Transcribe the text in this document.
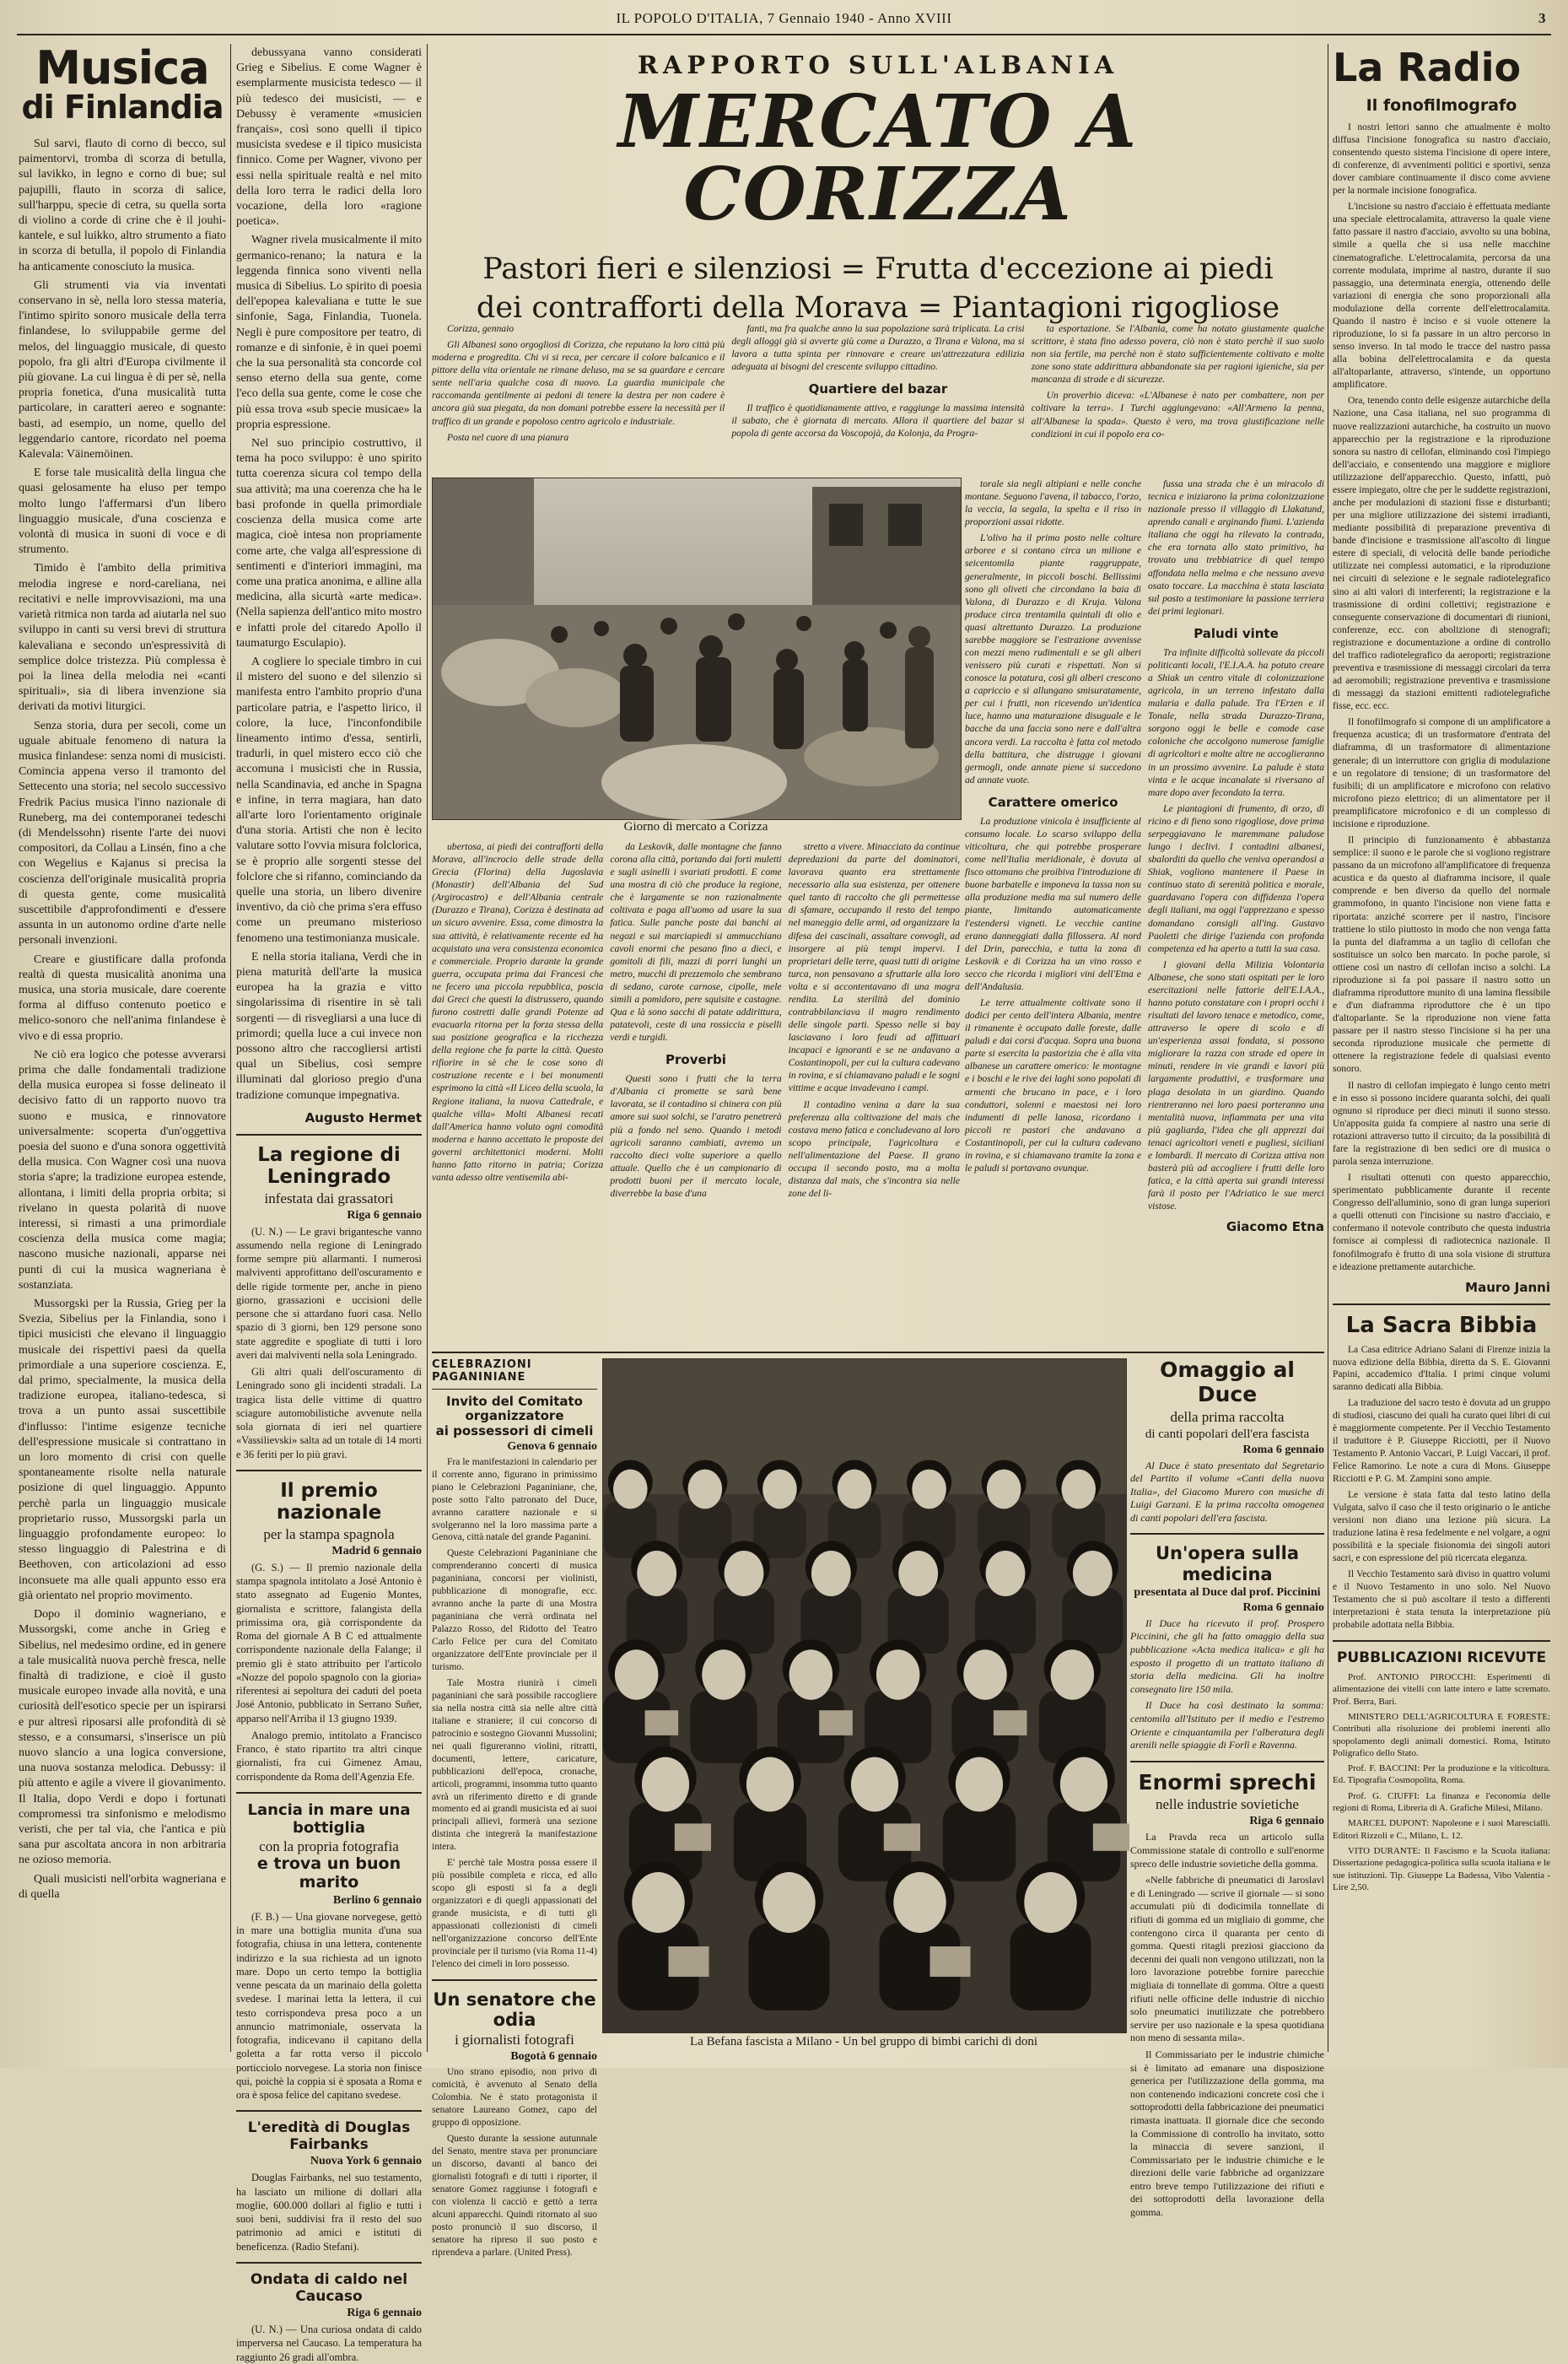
IL POPOLO D'ITALIA, 7 Gennaio 1940 - Anno XVIII	3
Musica
di Finlandia

Sul sarvi, flauto di corno di becco, sul paimentorvi, tromba di scorza di betulla, sul lavikko, in legno e corno di bue; sul pajupilli, flauto in scorza di salice, sull'harppu, specie di cetra, su quella sorta di violino a corde di crine che è il jouhi-kantele, e sul luikko, altro strumento a fiato in scorza di betulla, il popolo di Finlandia ha anticamente conosciuto la musica.

Gli strumenti via via inventati conservano in sè, nella loro stessa materia, l'intimo spirito sonoro musicale della terra finlandese, lo sviluppabile germe del melos, del linguaggio musicale, di questo popolo, fra gli altri d'Europa civilmente il più giovane. La cui lingua è di per sè, nella propria fonetica, d'una musicalità tutta particolare, in caratteri aereo e sognante: basti, ad esempio, un nome, quello del leggendario cantore, ricordato nel poema Kalevala: Väinemöinen.

E forse tale musicalità della lingua che quasi gelosamente ha eluso per tempo molto lungo l'affermarsi d'un libero linguaggio musicale, d'una coscienza e volontà di musica in suoni di voce e di strumento.

Timido è l'ambito della primitiva melodia ingrese e nord-careliana, nei recitativi e nelle improvvisazioni, ma una varietà ritmica non tarda ad aiutarla nel suo sviluppo in canti su versi brevi di struttura kalevaliana e secondo un'espressività di semplice dolce tristezza. Più complessa è poi la linea della melodia nei «canti spirituali», sia di libera invenzione sia derivati da motivi liturgici.

Senza storia, dura per secoli, come un uguale abituale fenomeno di natura la musica finlandese: senza nomi di musicisti. Comincia appena verso il tramonto del Settecento una storia; nel secolo successivo Fredrik Pacius musica l'inno nazionale di Runeberg, ma dei contemporanei tedeschi (di Mendelssohn) risente l'arte dei nuovi compositori, da Collau a Linsén, fino a che con Wegelius e Kajanus si precisa la coscienza dell'originale musicalità propria di questa gente, come musicalità suscettibile d'approfondimenti e d'essere assunta in un autonomo ordine d'arte nelle personali invenzioni.

Creare e giustificare dalla profonda realtà di questa musicalità anonima una musica, una storia musicale, dare coerente forma al diffuso contenuto poetico e melico-sonoro che nell'anima finlandese è vivo e di essa proprio.

Ne ciò era logico che potesse avverarsi prima che dalle fondamentali tradizione della musica europea si fosse delineato il decisivo fatto di un rapporto nuovo tra suono e musica, e rinnovatore universalmente: scoperta d'un'oggettiva poesia del suono e d'una sonora oggettività della musica. Con Wagner così una nuova storia s'apre; la tradizione europea estende, allontana, i limiti della propria orbita; si rivelano in questa polarità di nuove interessi, si rimasti a una primordiale coscienza della musica come magia; nascono musiche nazionali, apparse nei punti di cui la musica wagneriana è sostanziata.

Mussorgski per la Russia, Grieg per la Svezia, Sibelius per la Finlandia, sono i tipici musicisti che elevano il linguaggio musicale dei rispettivi paesi da quella primordiale a una superiore coscienza. E, dal primo, specialmente, la musica della tradizione europea, italiano-tedesca, si trova a un punto assai suscettibile d'influsso: l'intime esigenze tecniche dell'espressione musicale si contrattano in un loro momento di crisi con quelle spontaneamente risolte nella naturale posizione di quel linguaggio. Appunto perchè parla un linguaggio musicale proprietario russo, Mussorgski parla un linguaggio profondamente europeo: lo stesso linguaggio di Palestrina e di Beethoven, con articolazioni ad esso inconsuete ma alle quali appunto esso era già orientato nel proprio movimento.

Dopo il dominio wagneriano, e Mussorgski, come anche in Grieg e Sibelius, nel medesimo ordine, ed in genere a tale musicalità nuova perchè fresca, nelle finaltà di tradizione, e cioè il gusto musicale europeo invade alla novità, e una curiosità dell'esotico specie per un ispirarsi e pur altresì riposarsi alle profondità di sè stesso, e a consumarsi, s'inserisce un più nuovo slancio a una logica conversione, una nuova sostanza melodica. Debussy: il più attento e agile a vivere il giovanimento. Il Italia, dopo Verdi e dopo i fortunati compromessi tra sinfonismo e melodismo veristi, che per tal via, che l'antica e più sana pur ascoltata ancora in non arbitraria ne ozioso memoria.

Quali musicisti nell'orbita wagneriana e di quella

debussyana vanno considerati Grieg e Sibelius. E come Wagner è esemplarmente musicista tedesco — il più tedesco dei musicisti, — e Debussy è veramente «musicien français», così sono quelli il tipico musicista svedese e il tipico musicista finnico. Come per Wagner, vivono per essi nella spirituale realtà e nel mito della loro terra le radici della loro vocazione, della loro «ragione poetica».

Wagner rivela musicalmente il mito germanico-renano; la natura e la leggenda finnica sono viventi nella musica di Sibelius. Lo spirito di poesia dell'epopea kalevaliana e tutte le sue sinfonie, Saga, Finlandia, Tuonela. Negli è pure compositore per teatro, di romanze e di sinfonie, è in quei poemi che la sua personalità sta concorde col senso eterno della sua gente, come l'eco della sua gente, come le cose che più essa trova «sub specie musicae» la propria espressione.

Nel suo principio costruttivo, il tema ha poco sviluppo: è uno spirito tutta coerenza sicura col tempo della sua attività; ma una coerenza che ha le basi profonde in quella primordiale coscienza della musica come arte magica, cioè intesa non propriamente come arte, che valga all'espressione di sentimenti e d'interiori immagini, ma come una pratica anonima, e alline alla medicina, alla sicurtà «arte medica». (Nella sapienza dell'antico mito mostro e infatti prole del citaredo Apollo il taumaturgo Esculapio).

A cogliere lo speciale timbro in cui il mistero del suono e del silenzio si manifesta entro l'ambito proprio d'una particolare patria, e l'aspetto lirico, il colore, la luce, l'inconfondibile lineamento intimo d'essa, sentirli, tradurli, in quel mistero ecco ciò che accomuna i musicisti che in Russia, nella Scandinavia, ed anche in Spagna e infine, in terra magiara, han dato all'arte loro l'orientamento originale d'una storia. Artisti che non è lecito valutare sotto l'ovvia misura folclorica, se è proprio alle sorgenti stesse del folclore che si rifanno, cominciando da quelle una storia, un libero divenire inventivo, da ciò che prima s'era effuso come un preumano misterioso fenomeno una testimonianza musicale.

E nella storia italiana, Verdi che in piena maturità dell'arte la musica europea ha la grazia e vitto singolarissima di risentire in sè tali sorgenti — di risvegliarsi a una luce di primordi; quella luce a cui invece non possono altro che raccogliersi artisti qual un Sibelius, così sempre illuminati dal glorioso pregio d'una tradizione comunque impegnativa.

Augusto Hermet
La regione di Leningrado
infestata dai grassatori
Riga 6 gennaio

(U. N.) — Le gravi brigantesche vanno assumendo nella regione di Leningrado forme sempre più allarmanti. I numerosi malviventi approfittano dell'oscuramento e delle rigide tormente per, anche in pieno giorno, grassazioni e uccisioni delle persone che si attardano fuori casa. Nello spazio di 3 giorni, ben 129 persone sono state aggredite e spogliate di tutti i loro averi dai malviventi nella sola Leningrado.

Gli altri quali dell'oscuramento di Leningrado sono gli incidenti stradali. La tragica lista delle vittime di quattro sciagure automobilistiche avvenute nella sola giornata di ieri nel quartiere «Vassilievski» salta ad un totale di 14 morti e 36 feriti per lo più gravi.

Il premio nazionale
per la stampa spagnola
Madrid 6 gennaio

(G. S.) — Il premio nazionale della stampa spagnola intitolato a José Antonio è stato assegnato ad Eugenio Montes, giornalista e scrittore, falangista della primissima ora, già corrispondente da Roma del giornale A B C ed attualmente corrispondente nazionale della Falange; il premio gli è stato attribuito per l'articolo «Nozze del popolo spagnolo con la gioria» riferentesi ai sepoltura dei caduti del poeta José Antonio, pubblicato in Serrano Suñer, apparso nell'Arriba il 13 giugno 1939.

Analogo premio, intitolato a Francisco Franco, è stato ripartito tra altri cinque giornalisti, fra cui Gimenez Amau, corrispondente da Roma dell'Agenzia Efe.

Lancia in mare una bottiglia
con la propria fotografia
e trova un buon marito
Berlino 6 gennaio

(F. B.) — Una giovane norvegese, gettò in mare una bottiglia munita d'una sua fotografia, chiusa in una lettera, contenente indirizzo e la sua richiesta ad un ignoto mare. Dopo un certo tempo la bottiglia venne pescata da un marinaio della goletta svedese. I marinai letta la lettera, il cui testo corrispondeva presa poco a un annuncio matrimoniale, osservata la fotografia, indicevano il capitano della goletta a far rotta verso il piccolo porticciolo norvegese. La storia non finisce qui, poichè la coppia si è sposata a Roma e ora è sposa felice del capitano svedese.

L'eredità di Douglas Fairbanks
Nuova York 6 gennaio

Douglas Fairbanks, nel suo testamento, ha lasciato un milione di dollari alla moglie, 600.000 dollari al figlio e tutti i suoi beni, suddivisi fra il resto del suo patrimonio ad amici e istituti di beneficenza. (Radio Stefani).

Ondata di caldo nel Caucaso
Riga 6 gennaio

(U. N.) — Una curiosa ondata di caldo imperversa nel Caucaso. La temperatura ha raggiunto 26 gradi all'ombra.

RAPPORTO SULL'ALBANIA
MERCATO A CORIZZA
Pastori fieri e silenziosi = Frutta d'eccezione ai piedi
dei contrafforti della Morava = Piantagioni rigogliose

Corizza, gennaio

Gli Albanesi sono orgogliosi di Corizza, che reputano la loro città più moderna e progredita. Chi vi si reca, per cercare il colore balcanico e il pittore della vita orientale ne rimane deluso, ma se sa guardare e cercare sente nell'aria qualche cosa di nuovo. La guardia municipale che raccomanda gentilmente ai pedoni di tenere la destra per non cadere è ancora già sua piegata, da non domani potrebbe essere la necessità per il traffico di un grande e popoloso centro agricolo e industriale.

Posta nel cuore di una pianura

fanti, ma fra qualche anno la sua popolazione sarà triplicata. La crisi degli alloggi già si avverte giù come a Durazzo, a Tirana e Valona, ma si lavora a tutta spinta per rinnovare e creare un'attrezzatura edilizia adeguata ai bisogni del crescente sviluppo cittadino.

Quartiere del bazar

Il traffico è quotidianamente attivo, e raggiunge la massima intensità il sabato, che è giornata di mercato. Allora il quartiere del bazar si popola di gente accorsa da Voscopojà, da Kolonja, da Progra-

ta esportazione. Se l'Albania, come ha notato giustamente qualche scrittore, è stata fino adesso povera, ciò non è stato perchè il suo suolo non sia fertile, ma perchè non è stato sufficientemente coltivato e molte zone sono state addirittura abbandonate sia per ragioni igieniche, sia per mancanza di strade e di sicurezze.

Un proverbio diceva: «L'Albanese è nato per combattere, non per coltivare la terra». I Turchi aggiungevano: «All'Armeno la penna, all'Albanese la spada». Questo è vero, ma trova giustificazione nelle condizioni in cui il popolo era co-

Giorno di mercato a Corizza

torale sia negli altipiani e nelle conche montane. Seguono l'avena, il tabacco, l'orzo, la veccia, la segala, la spelta e il riso in proporzioni assai ridotte.

L'olivo ha il primo posto nelle colture arboree e si contano circa un milione e seicentomila piante raggruppate, generalmente, in piccoli boschi. Bellissimi sono gli oliveti che circondano la baia di Valona, di Durazzo e di Kruja. Valona produce circa trentamila quintali di olio e quasi altrettanto Durazzo. La produzione sarebbe maggiore se l'estrazione avvenisse con mezzi meno rudimentali e se gli alberi venissero più curati e rispettati. Non si conosce la potatura, così gli alberi crescono a capriccio e si allungano smisuratamente, per cui i frutti, non ricevendo un'identica luce, hanno una maturazione disuguale e le bacche da una faccia sono nere e dall'altra ancora verdi. La raccolta è fatta col metodo della battitura, che distrugge i giovani germogli, onde annate piene si succedono ad annate vuote.

Carattere omerico

La produzione vinicola è insufficiente al consumo locale. Lo scarso sviluppo della viticoltura, che qui potrebbe prosperare come nell'Italia meridionale, è dovuta al fisco ottomano che proibiva l'introduzione di buone barbatelle e imponeva la tassa non su alla produzione media ma sul numero delle piante, limitando automaticamente l'estendersi vigneti. Le vecchie cantine erano danneggiati dalla fillossera. Al nord del Drin, parecchia, e tutta la zona di Leskovik e di Corizza ha un vino rosso e secco che ricorda i migliori vini dell'Etna e dell'Andalusia.

Le terre attualmente coltivate sono il dodici per cento dell'intera Albania, mentre il rimanente è occupato dalle foreste, dalle paludi e dai corsi d'acqua. Sopra una buona parte si esercita la pastorizia che è alla vita albanese un carattere omerico: le montagne e i boschi e le rive dei laghi sono popolati di armenti che brucano in pace, e i loro conduttori, solenni e maestosi nei loro indumenti di pelle lanosa, ricordano i piccoli re pastori che andavano a Costantinopoli, per cui la cultura cadevano in rovina, e si chiamavano tramite la zona e le paludi si portavano ovunque.

fussa una strada che è un miracolo di tecnica e iniziarono la prima colonizzazione nazionale presso il villaggio di Llakatund, aprendo canali e arginando fiumi. L'azienda italiana che oggi ha rilevato la contrada, che era tornata allo stato primitivo, ha trovato una trebbiatrice di quel tempo affondata nella melma e che nessuno aveva osato toccare. La macchina è stata lasciata sul posto a testimoniare la passione terriera dei primi legionari.

Paludi vinte

Tra infinite difficoltà sollevate da piccoli politicanti locali, l'E.I.A.A. ha potuto creare a Shiak un centro vitale di colonizzazione agricola, in un terreno infestato dalla malaria e dalla palude. Tra l'Erzen e il Tonale, nella strada Durazzo-Tirana, sorgono oggi le belle e comode case coloniche che accolgono numerose famiglie di agricoltori e molte altre ne accoglieranno in un prossimo avvenire. La palude è stata vinta e le acque incanalate si riversano al mare dopo aver fecondato la terra.

Le piantagioni di frumento, di orzo, di ricino e di fieno sono rigogliose, dove prima serpeggiavano le maremmane paludose lungo i declivi. I contadini albanesi, sbalorditi da quello che veniva operandosi a Shiak, vogliono mantenere il Paese in continuo stato di serenità politica e morale, guardavano l'opera con diffidenza l'opera degli italiani, ma oggi l'apprezzano e spesso domandano consigli all'ing. Gustavo Paoletti che dirige l'azienda con profonda competenza ed ha aperto a tutti la sua casa.

I giovani della Milizia Volontaria Albanese, che sono stati ospitati per le loro esercitazioni nelle fattorie dell'E.I.A.A., hanno potuto constatare con i propri occhi i risultati del lavoro tenace e metodico, come, attraverso le opere di scolo e di un'esperienza assai fondata, si possono migliorare la razza con strade ed opere in minuti, rendere in vie grandi e lavori più largamente produttivi, e trasformare una plaga desolata in un giardino. Quando rientreranno nei loro paesi porteranno una mentalità nuova, infiammata per una vita più gagliarda, l'idea che gli apprezzi dai tenaci agricoltori veneti e pugliesi, siciliani e lombardi. Il mercato di Corizza attiva non basterà più ad accogliere i frutti delle loro fatica, e la città aperta sui grandi interessi farà il posto per l'Adriatico le sue merci vistose.

Giacomo Etna

ubertosa, ai piedi dei contrafforti della Morava, all'incrocio delle strade della Grecia (Florina) della Jugoslavia (Monastir) dell'Albania del Sud (Argirocastro) e dell'Albania centrale (Durazzo e Tirana), Corizza è destinata ad un sicuro avvenire. Essa, come dimostra la sua attività, è relativamente recente ed ha acquistato una vera consistenza economica e commerciale. Proprio durante la grande guerra, occupata prima dai Francesi che ne fecero una piccola repubblica, poscia dai Greci che questi la distrussero, quando furono costretti dalle grandi Potenze ad evacuarla ritorna per la forza stessa della sua posizione geografica e la ricchezza della regione che fa parte la città. Questo rifiorire in sè che le cose sono di costruzione recente e i bei monumenti esprimono la città «Il Liceo della scuola, la Regione italiana, la nuova Cattedrale, e qualche villa» Molti Albanesi recati dall'America hanno voluto ogni comodità moderna e hanno accettato le proposte dei governi architettonici moderni. Molti hanno fatto ritorno in patria; Corizza vanta adesso oltre ventisemila abi-

da Leskovik, dalle montagne che fanno corona alla città, portando dai forti muletti e sugli asinelli i svariati prodotti. E come una mostra di ciò che produce la regione, che è largamente se non razionalmente coltivata e paga all'uomo ad usare la sua fatica. Sulle panche poste dai banchi ai negozi e sui marciapiedi si ammucchiano cavoli enormi che pesano fino a dieci, e gomitoli di fili, mazzi di porri lunghi un metro, mucchi di prezzemolo che sembrano di sedano, carote carnose, cipolle, mele simili a pomidoro, pere squisite e castagne. Qua e là sono sacchi di patate addirittura, patatevoli, ceste di una rossiccia e piselli verdi e turgidi.

Proverbi

Questi sono i frutti che la terra d'Albania ci promette se sarà bene lavorata, se il contadino si chinera con più amore sui suoi solchi, se l'aratro penetrerà più a fondo nel seno. Quando i metodi agricoli saranno cambiati, avremo un raccolto dieci volte superiore a quello attuale. Quello che è un campionario di prodotti buoni per il mercato locale, diverrebbe la base d'una

stretto a vivere. Minacciato da continue depredazioni da parte del dominatori, lavorava quanto era strettamente necessario alla sua esistenza, per ottenere quel tanto di raccolto che gli permettesse di sfamare, occupando il resto del tempo nel maneggio delle armi, ad organizzare la difesa dei cascinali, assaltare convogli, ad insorgere ai più tempi impervi. I proprietari delle terre, quasi tutti di origine turca, non pensavano a sfruttarle alla loro volta e si accontentavano di una magra rendita. La sterilità del dominio contrabbilanciava il magro rendimento delle singole parti. Spesso nelle si bay lasciavano i loro feudi ad affittuari incapaci e ignoranti e se ne andavano a Costantinopoli, per cui la cultura cadevano in rovina, e si chiamavano paludi e le sogni vittime e acque invadevano i campi.

Il contadino venina a dare la sua preferenza alla coltivazione del mais che costava meno fatica e concludevano al loro scopo principale, l'agricoltura e nell'alimentazione del Paese. Il grano occupa il secondo posto, ma a molta distanza dal mais, che s'incontra sia nelle zone del li-

CELEBRAZIONI PAGANINIANE
Invito del Comitato organizzatore
ai possessori di cimeli
Genova 6 gennaio

Fra le manifestazioni in calendario per il corrente anno, figurano in primissimo piano le Celebrazioni Paganiniane, che, poste sotto l'alto patronato del Duce, avranno carattere nazionale e si svolgeranno nel la loro massima parte a Genova, città natale del grande Paganini.

Queste Celebrazioni Paganiniane che comprenderanno concerti di musica paganiniana, concorsi per violinisti, pubblicazione di monografie, ecc. avranno anche la parte di una Mostra paganiniana che verrà ordinata nel Palazzo Rosso, del Ridotto del Teatro Carlo Felice per cura del Comitato organizzatore dell'Ente provinciale per il turismo.

Tale Mostra riunirà i cimeli paganiniani che sarà possibile raccogliere sia nella nostra città sia nelle altre città italiane e straniere; il cui concorso di patrocinio e sostegno Giovanni Mussolini; nei quali figureranno violini, ritratti, documenti, lettere, caricature, pubblicazioni dell'epoca, cronache, articoli, programmi, insomma tutto quanto avrà un riferimento diretto e di grande momento ed ai grandi musicista ed ai suoi principali allievi, formerà una sezione distinta che integrerà la manifestazione intera.

E' perchè tale Mostra possa essere il più possibile completa e ricca, ed allo scopo gli esposti si fa a degli organizzatori e di quegli appassionati del grande musicista, e di tutti gli appassionati collezionisti di cimeli nell'organizzazione concorso dell'Ente provinciale per il turismo (via Roma 11-4) l'elenco dei cimeli in loro possesso.

Un senatore che odia
i giornalisti fotografi
Bogotà 6 gennaio

Uno strano episodio, non privo di comicità, è avvenuto al Senato della Colombia. Ne è stato protagonista il senatore Laureano Gomez, capo del gruppo di opposizione.

Questo durante la sessione autunnale del Senato, mentre stava per pronunciare un discorso, davanti al banco dei giornalisti fotografi e di tutti i riporter, il senatore Gomez raggiunse i fotografi e con violenza li cacciò e gettò a terra alcuni apparecchi. Quindi ritornato al suo posto pronunciò il suo discorso, il senatore ha ripreso il suo posto e riprendeva a parlare. (United Press).

La Befana fascista a Milano - Un bel gruppo di bimbi carichi di doni
Omaggio al Duce
della prima raccolta
di canti popolari dell'era fascista
Roma 6 gennaio

Al Duce è stato presentato dal Segretario del Partito il volume «Canti della nuova Italia», del Giacomo Murero con musiche di Luigi Garzani. E la prima raccolta omogenea di canti popolari dell'era fascista.

Un'opera sulla medicina
presentata al Duce dal prof. Piccinini
Roma 6 gennaio

Il Duce ha ricevuto il prof. Prospero Piccinini, che gli ha fatto omaggio della sua pubblicazione «Acta medica italica» e gli ha esposto il progetto di un trattato italiano di storia della medicina. Gli ha inoltre consegnato lire 150 mila.

Il Duce ha così destinato la somma: centomila all'Istituto per il medio e l'estremo Oriente e cinquantamila per l'alberatura degli arenili nelle spiaggie di Forlì e Ravenna.

Enormi sprechi
nelle industrie sovietiche
Riga 6 gennaio

La Pravda reca un articolo sulla Commissione statale di controllo e sull'enorme spreco delle industrie sovietiche della gomma.

«Nelle fabbriche di pneumatici di Jaroslavl e di Leningrado — scrive il giornale — si sono accumulati più di dodicimila tonnellate di rifiuti di gomma ed un migliaio di gomme, che contengono circa il quaranta per cento di gomma. Questi ritagli preziosi giacciono da decenni dei quali non vengono utilizzati, non la loro lavorazione potrebbe fornire parecchie migliaia di tonnellate di gomma. Oltre a questi rifiuti nelle officine delle industrie di nicchio solo pneumatici inutilizzate che potrebbero servire per uso nazionale e la spesa quotidiana non meno di sessanta mila».

Il Commissariato per le industrie chimiche si è limitato ad emanare una disposizione generica per l'utilizzazione della gomma, ma non contenendo indicazioni concrete così che i sottoprodotti della fabbricazione dei pneumatici rimasta inattuata. Il giornale dice che secondo la Commissione di controllo ha invitato, sotto la minaccia di severe sanzioni, il Commissariato per le industrie chimiche e le direzioni delle varie fabbriche ad organizzare entro breve tempo l'utilizzazione dei rifiuti e dei sottoprodotti della lavorazione della gomma.

La Radio
Il fonofilmografo

I nostri lettori sanno che attualmente è molto diffusa l'incisione fonografica su nastro d'acciaio, consentendo questo sistema l'incisione di opere intere, di conferenze, di avvenimenti politici e sportivi, senza dover cambiare continuamente il disco come avviene per la normale incisione fonografica.

L'incisione su nastro d'acciaio è effettuata mediante una speciale elettrocalamita, attraverso la quale viene fatto passare il nastro d'acciaio, avvolto su una bobina, simile a quella che si usa nelle macchine cinematografiche. L'elettrocalamita, percorsa da una corrente modulata, imprime al nastro, durante il suo passaggio, una determinata energia, ottenendo delle variazioni di energia che sono proporzionali alla modulazione della corrente dell'elettrocalamita. Quando il nastro è inciso e si vuole ottenere la riproduzione, lo si fa passare in un altro percorso in senso inverso. In tal modo le tracce del nastro passa alla bobina dell'elettrocalamita e da questa all'altoparlante, attraverso, s'intende, un opportuno amplificatore.

Ora, tenendo conto delle esigenze autarchiche della Nazione, una Casa italiana, nel suo programma di nuove realizzazioni autarchiche, ha costruito un nuovo apparecchio per la registrazione e la riproduzione sonora su nastro di cellofan, eliminando così l'impiego dell'acciaio, e consentendo una maggiore e migliore utilizzazione dell'apparecchio. Questo, infatti, può essere impiegato, oltre che per le suddette registrazioni, anche per modulazioni di stazioni fisse e disturbanti; per una migliore utilizzazione dei sistemi irradianti, mediante possibilità di preparazione preventiva di bande d'incisione e trasmissione all'ascolto di lingue estere di speciali, di velocità delle bande periodiche utilizzate nei complessi automatici, e la riproduzione nei circuiti di selezione e le segnale radiotelegrafico sino ai alti valori di interferenti; la registrazione e la trasmissione di ordini collettivi; registrazione e conseguente conservazione di documentari di riunioni, conferenze, ecc. con abolizione di stenografi; registrazione e documentazione a ordine di controllo del traffico radiotelegrafico da aeroporti; registrazione preventiva e trasmissione di messaggi circolari da terra ad aeromobili; registrazione preventiva e trasmissione di messaggi da stazioni emittenti radiotelegrafiche fisse, ecc. ecc.

Il fonofilmografo si compone di un amplificatore a frequenza acustica; di un trasformatore d'entrata del diaframma, di un trasformatore di alimentazione generale; di un interruttore con griglia di modulazione e un regolatore di tensione; di un trasformatore del fusibili; di un amplificatore e microfono con relativo microfono piezo elettrico; di un alimentatore per il preamplificatore microfonico e di un complesso di incisione e riproduzione.

Il principio di funzionamento è abbastanza semplice: il suono e le parole che si vogliono registrare passano da un microfono all'amplificatore di frequenza acustica e da questo al diaframma incisore, il quale comprende e ben diverso da quello del normale grammofono, in quanto l'incisione non viene fatta e riportata: anziché scorrere per il nastro, l'incisore trattiene lo stilo piuttosto in modo che non venga fatta la punta del diaframma a un taglio di cellofan che sostituisce un solco ben marcato. In poche parole, si ottiene così un nastro di cellofan inciso a solchi. La riproduzione si fa poi passare il nastro sotto un diaframma riproduttore munito di una lamina flessibile e d'un diaframma riproduttore che è un tipo d'altoparlante. Se la riproduzione non viene fatta passare per il nastro stesso l'incisione si ha per una seconda riproduzione musicale che permette di ottenere la registrazione fedele di qualsiasi evento sonoro.

Il nastro di cellofan impiegato è lungo cento metri e in esso si possono incidere quaranta solchi, dei quali ognuno si riproduce per dieci minuti il suono stesso. Un'apposita guida fa compiere al nastro una serie di rotazioni attraverso tutto il circuito; da la possibilità di fare la registrazione di ben sedici ore di musica o parola senza interruzione.

I risultati ottenuti con questo apparecchio, sperimentato pubblicamente durante il recente Congresso dell'alluminio, sono di gran lunga superiori a quelli ottenuti con l'incisione su nastro d'acciaio, e confermano il notevole contributo che questa industria fornisce ai complessi di radiotecnica nazionale. Il fonofilmografo è frutto di una sola visione di struttura e ideazione prettamente autarchiche.

Mauro Janni
La Sacra Bibbia

La Casa editrice Adriano Salani di Firenze inizia la nuova edizione della Bibbia, diretta da S. E. Giovanni Papini, accademico d'Italia. I primi cinque volumi saranno dedicati alla Bibbia.

La traduzione del sacro testo è dovuta ad un gruppo di studiosi, ciascuno dei quali ha curato quei libri di cui è maggiormente competente. Per il Vecchio Testamento il traduttore è P. Giuseppe Ricciotti, per il Nuovo Testamento P. Antonio Vaccari, P. Luigi Vaccari, il prof. Felice Ramorino. Le note a cura di Mons. Giuseppe Ricciotti e P. G. M. Zampini sono ampie.

Le versione è stata fatta dal testo latino della Vulgata, salvo il caso che il testo originario o le antiche versioni non diano una lezione più sicura. La traduzione latina è resa fedelmente e nel volgare, a ogni possibilità e la speciale fisionomia dei singoli autori sacri, e con espressione del più ricercata eleganza.

Il Vecchio Testamento sarà diviso in quattro volumi e il Nuovo Testamento in uno solo. Nel Nuovo Testamento che si può ascoltare il testo a differenti interpretazioni è stata tenuta la interpretazione più probabile adottata nella Bibbia.

PUBBLICAZIONI RICEVUTE

Prof. ANTONIO PIROCCHI: Esperimenti di alimentazione dei vitelli con latte intero e latte scremato. Prof. Berra, Bari.

MINISTERO DELL'AGRICOLTURA E FORESTE: Contributi alla risoluzione dei problemi inerenti allo spopolamento degli animali domestici. Roma, Istituto Poligrafico dello Stato.

Prof. F. BACCINI: Per la produzione e la viticoltura. Ed. Tipografia Cosmopolita, Roma.

Prof. G. CIUFFI: La finanza e l'economia delle regioni di Roma, Libreria di A. Grafiche Milesi, Milano.

MARCEL DUPONT: Napoleone e i suoi Marescialli. Editori Rizzoli e C., Milano, L. 12.

VITO DURANTE: Il Fascismo e la Scuola italiana: Dissertazione pedagogica-politica sulla scuola italiana e le sue istituzioni. Tip. Giuseppe La Badessa, Vibo Valentia - Lire 2,50.
